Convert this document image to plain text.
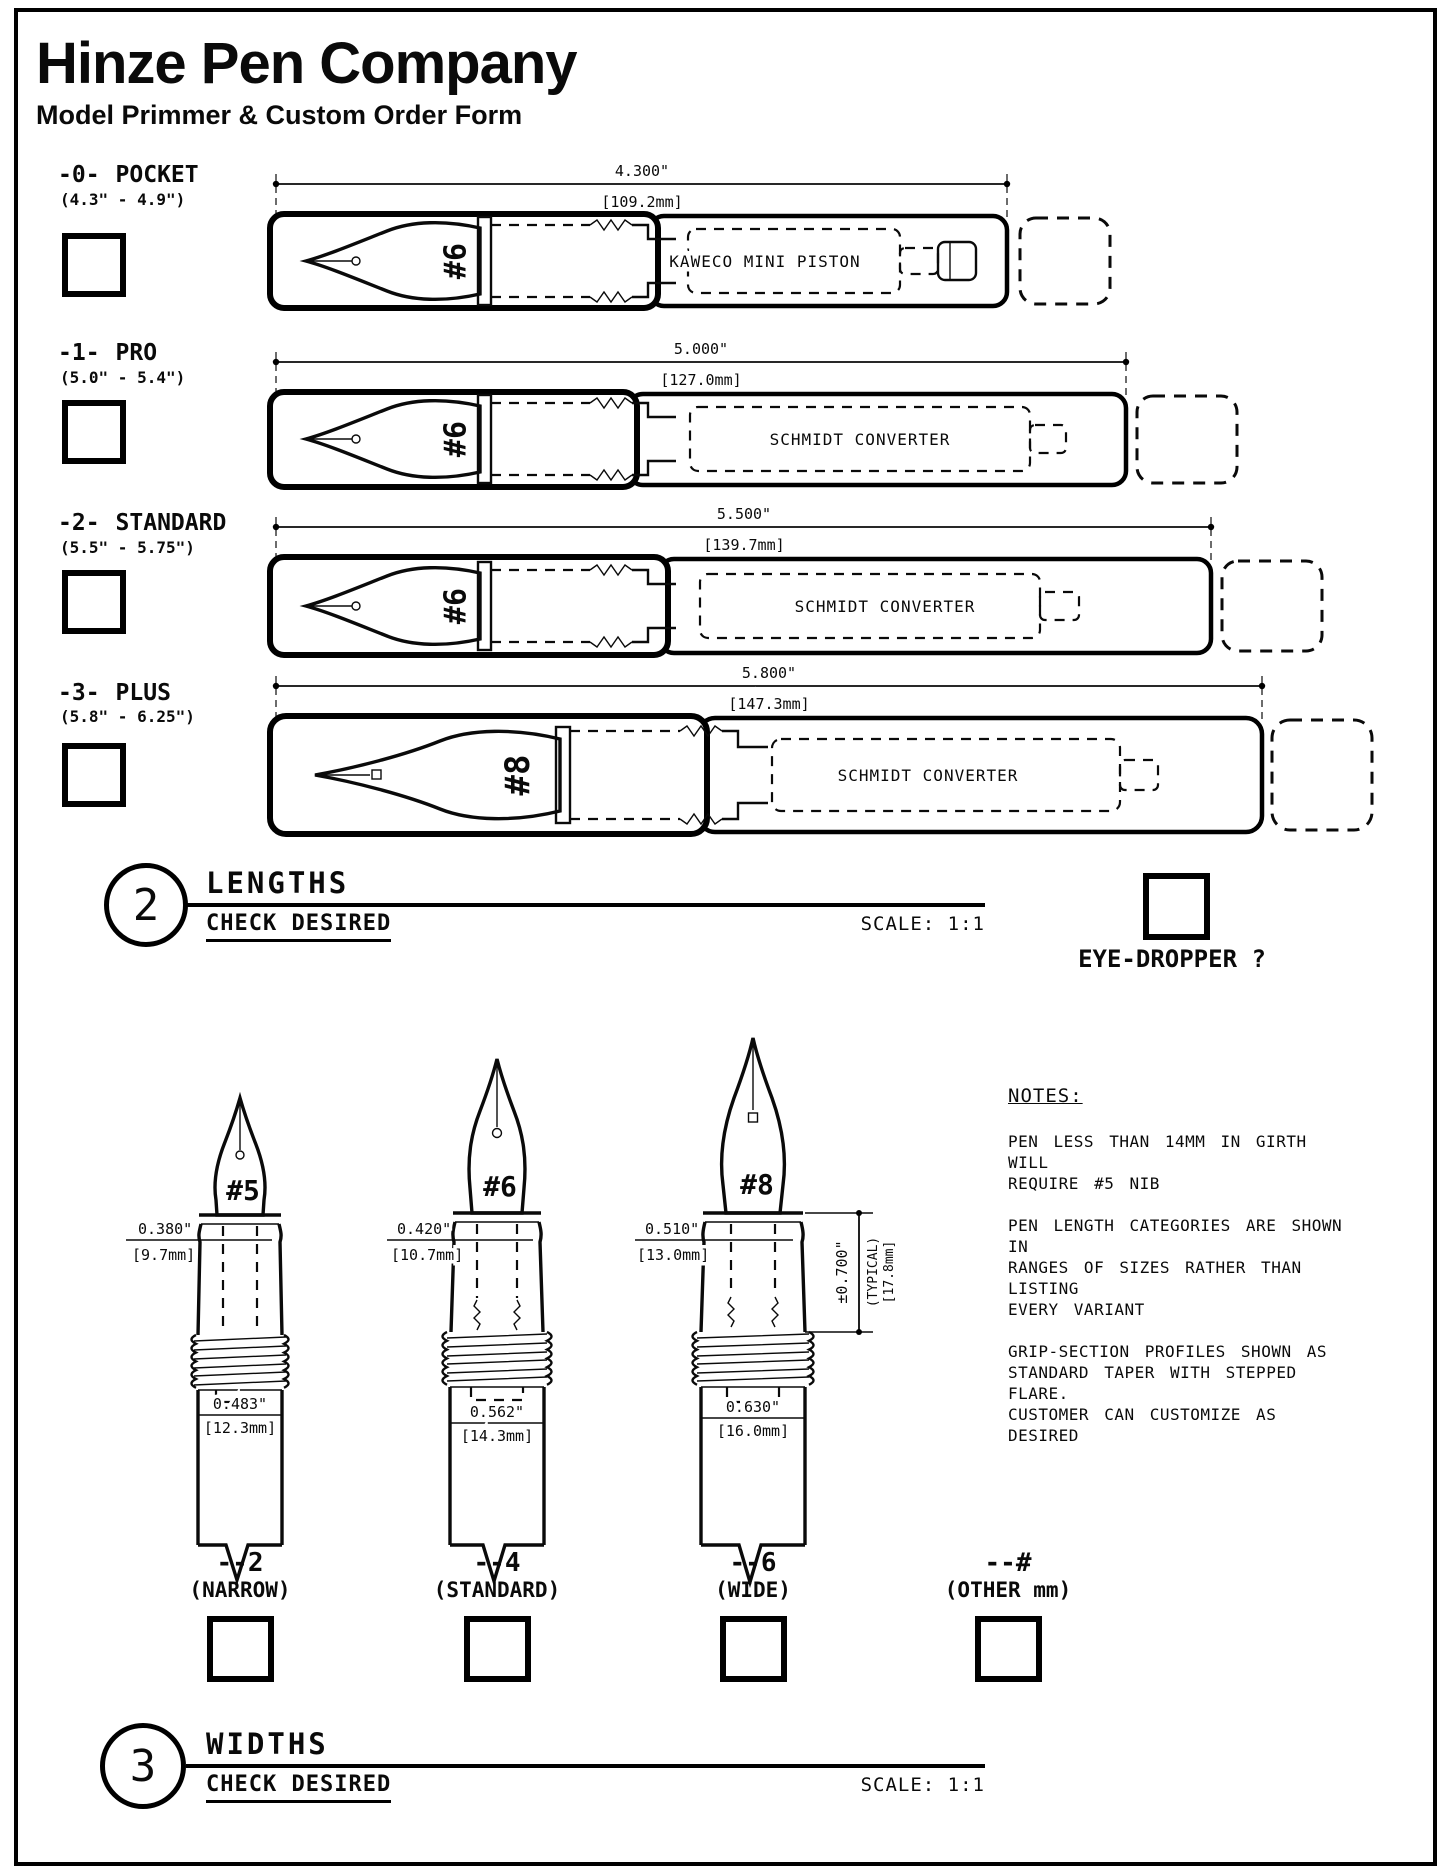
Hinze Pen Company
Model Primmer & Custom Order Form
-0- POCKET
(4.3" - 4.9")
-1- PRO
(5.0" - 5.4")
-2- STANDARD
(5.5" - 5.75")
-3- PLUS
(5.8" - 6.25")
4.300"
[109.2mm]
KAWECO MINI PISTON
#6
5.000"
[127.0mm]
SCHMIDT CONVERTER
#6
5.500"
[139.7mm]
SCHMIDT CONVERTER
#6
5.800"
[147.3mm]
SCHMIDT CONVERTER
#8
2 LENGTHS
CHECK DESIRED	SCALE: 1:1
EYE-DROPPER ?
#5
0.380"
[9.7mm]
0.483"
[12.3mm]
#6
0.420"
[10.7mm]
0.562"
[14.3mm]
#8
0.510"
[13.0mm]	±0.700" (TYPICAL) [17.8mm]
0.630"
[16.0mm]
NOTES:

PEN LESS THAN 14MM IN GIRTH WILL
REQUIRE #5 NIB

PEN LENGTH CATEGORIES ARE SHOWN IN
RANGES OF SIZES RATHER THAN LISTING
EVERY VARIANT

GRIP-SECTION PROFILES SHOWN AS
STANDARD TAPER WITH STEPPED FLARE.
CUSTOMER CAN CUSTOMIZE AS DESIRED

--2
(NARROW)
--4
(STANDARD)
--6
(WIDE)
--#
(OTHER mm)
3 WIDTHS
CHECK DESIRED	SCALE: 1:1
